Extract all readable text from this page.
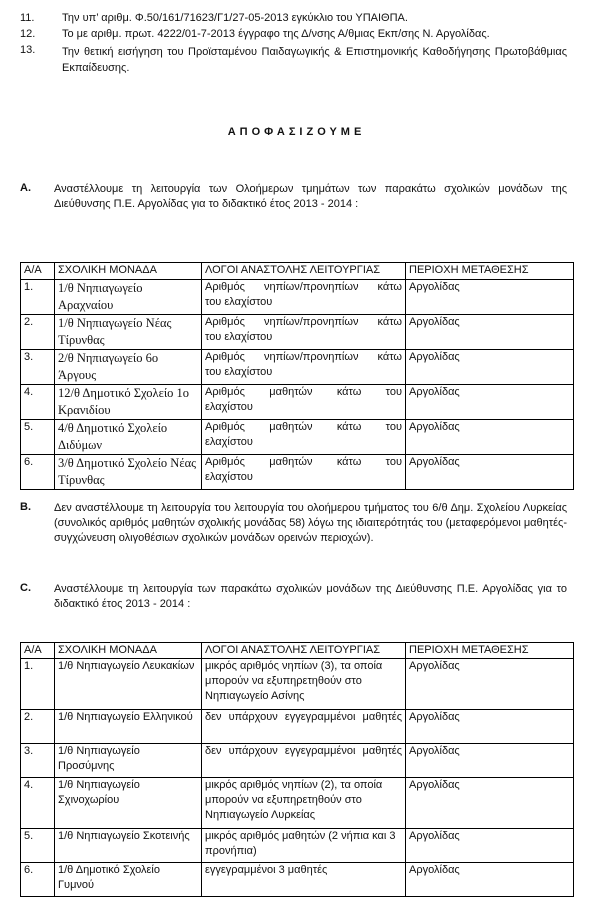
11.	Την υπ’ αριθμ. Φ.50/161/71623/Γ1/27-05-2013 εγκύκλιο του ΥΠΑΙΘΠΑ.
12. Το με αριθμ. πρωτ. 4222/01-7-2013 έγγραφο της Δ/νσης Α/θμιας Εκπ/σης Ν. Αργολίδας.
13. Την θετική εισήγηση του Προϊσταμένου Παιδαγωγικής & Επιστημονικής Καθοδήγησης Πρωτοβάθμιας Εκπαίδευσης.
ΑΠΟΦΑΣΙΖΟΥΜΕ
A. Αναστέλλουμε τη λειτουργία των Ολοήμερων τμημάτων των παρακάτω σχολικών μονάδων της Διεύθυνσης Π.Ε. Αργολίδας για το διδακτικό έτος 2013 - 2014 :
Α/Α	ΣΧΟΛΙΚΗ ΜΟΝΑΔΑ	ΛΟΓΟΙ ΑΝΑΣΤΟΛΗΣ ΛΕΙΤΟΥΡΓΙΑΣ	ΠΕΡΙΟΧΗ ΜΕΤΑΘΕΣΗΣ
1.	1/θ Νηπιαγωγείο Αραχναίου	Αριθμός νηπίων/προνηπίων κάτω
του ελαχίστου	Αργολίδας
2.	1/θ Νηπιαγωγείο Νέας Τίρυνθας	Αριθμός νηπίων/προνηπίων κάτω
του ελαχίστου	Αργολίδας
3.	2/θ Νηπιαγωγείο 6ο Άργους	Αριθμός νηπίων/προνηπίων κάτω
του ελαχίστου	Αργολίδας
4.	12/θ Δημοτικό Σχολείο 1ο Κρανιδίου	Αριθμός μαθητών κάτω του
ελαχίστου	Αργολίδας
5.	4/θ Δημοτικό Σχολείο Διδύμων	Αριθμός μαθητών κάτω του
ελαχίστου	Αργολίδας
6.	3/θ Δημοτικό Σχολείο Νέας Τίρυνθας	Αριθμός μαθητών κάτω του
ελαχίστου	Αργολίδας
B. Δεν αναστέλλουμε τη λειτουργία του λειτουργία του ολοήμερου τμήματος του 6/θ Δημ. Σχολείου Λυρκείας (συνολικός αριθμός μαθητών σχολικής μονάδας 58) λόγω της ιδιαιτερότητάς του (μεταφερόμενοι μαθητές- συγχώνευση ολιγοθέσιων σχολικών μονάδων ορεινών περιοχών).
C. Αναστέλλουμε τη λειτουργία των παρακάτω σχολικών μονάδων της Διεύθυνσης Π.Ε. Αργολίδας για το διδακτικό έτος 2013 - 2014 :
Α/Α	ΣΧΟΛΙΚΗ ΜΟΝΑΔΑ	ΛΟΓΟΙ ΑΝΑΣΤΟΛΗΣ ΛΕΙΤΟΥΡΓΙΑΣ	ΠΕΡΙΟΧΗ ΜΕΤΑΘΕΣΗΣ
1.	1/θ Νηπιαγωγείο Λευκακίων	μικρός αριθμός νηπίων (3), τα οποία μπορούν να εξυπηρετηθούν στο Νηπιαγωγείο Ασίνης	Αργολίδας
2.	1/θ Νηπιαγωγείο Ελληνικού	δεν υπάρχουν εγγεγραμμένοι μαθητές	Αργολίδας
3.	1/θ Νηπιαγωγείο Προσύμνης	δεν υπάρχουν εγγεγραμμένοι μαθητές	Αργολίδας
4.	1/θ Νηπιαγωγείο Σχινοχωρίου	μικρός αριθμός νηπίων (2), τα οποία μπορούν να εξυπηρετηθούν στο Νηπιαγωγείο Λυρκείας	Αργολίδας
5.	1/θ Νηπιαγωγείο Σκοτεινής	μικρός αριθμός μαθητών (2 νήπια και 3 προνήπια)	Αργολίδας
6.	1/θ Δημοτικό Σχολείο Γυμνού	εγγεγραμμένοι 3 μαθητές	Αργολίδας
